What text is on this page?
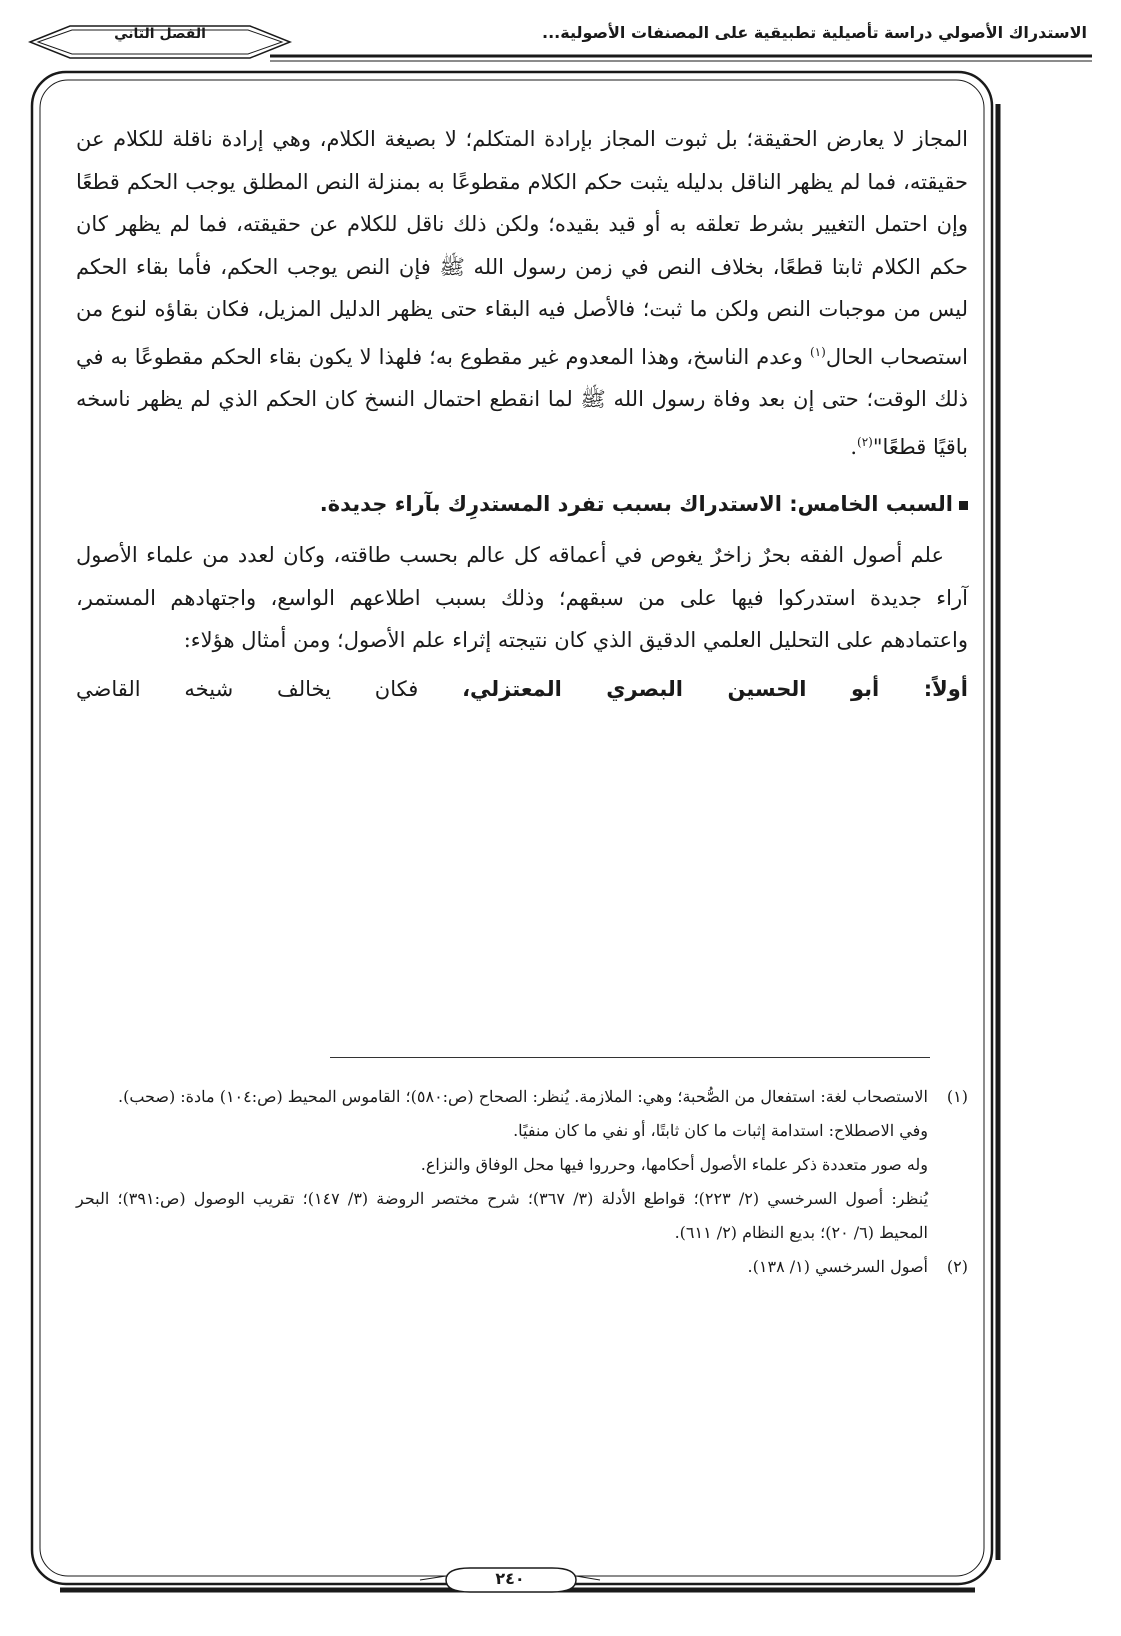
الاستدراك الأصولي دراسة تأصيلية تطبيقية على المصنفات الأصولية...
الفصل الثاني

المجاز لا يعارض الحقيقة؛ بل ثبوت المجاز بإرادة المتكلم؛ لا بصيغة الكلام، وهي إرادة ناقلة للكلام عن حقيقته، فما لم يظهر الناقل بدليله يثبت حكم الكلام مقطوعًا به بمنزلة النص المطلق يوجب الحكم قطعًا وإن احتمل التغيير بشرط تعلقه به أو قيد بقيده؛ ولكن ذلك ناقل للكلام عن حقيقته، فما لم يظهر كان حكم الكلام ثابتا قطعًا، بخلاف النص في زمن رسول الله ﷺ فإن النص يوجب الحكم، فأما بقاء الحكم ليس من موجبات النص ولكن ما ثبت؛ فالأصل فيه البقاء حتى يظهر الدليل المزيل، فكان بقاؤه لنوع من استصحاب الحال$^{(١)}$ وعدم الناسخ، وهذا المعدوم غير مقطوع به؛ فلهذا لا يكون بقاء الحكم مقطوعًا به في ذلك الوقت؛ حتى إن بعد وفاة رسول الله ﷺ لما انقطع احتمال النسخ كان الحكم الذي لم يظهر ناسخه باقيًا قطعًا"$^{(٢)}$.

السبب الخامس: الاستدراك بسبب تفرد المستدرِك بآراء جديدة.

علم أصول الفقه بحرٌ زاخرٌ يغوص في أعماقه كل عالم بحسب طاقته، وكان لعدد من علماء الأصول آراء جديدة استدركوا فيها على من سبقهم؛ وذلك بسبب اطلاعهم الواسع، واجتهادهم المستمر، واعتمادهم على التحليل العلمي الدقيق الذي كان نتيجته إثراء علم الأصول؛ ومن أمثال هؤلاء:

أولاً: أبو الحسين البصري المعتزلي، فكان يخالف شيخه القاضي

(١)
الاستصحاب لغة: استفعال من الصُّحبة؛ وهي: الملازمة. يُنظر: الصحاح (ص:٥٨٠)؛ القاموس المحيط (ص:١٠٤) مادة: (صحب).

وفي الاصطلاح: استدامة إثبات ما كان ثابتًا، أو نفي ما كان منفيًا.

وله صور متعددة ذكر علماء الأصول أحكامها، وحرروا فيها محل الوفاق والنزاع.

يُنظر: أصول السرخسي (٢/ ٢٢٣)؛ قواطع الأدلة (٣/ ٣٦٧)؛ شرح مختصر الروضة (٣/ ١٤٧)؛ تقريب الوصول (ص:٣٩١)؛ البحر المحيط (٦/ ٢٠)؛ بديع النظام (٢/ ٦١١).

(٢)
أصول السرخسي (١/ ١٣٨).

٢٤٠
